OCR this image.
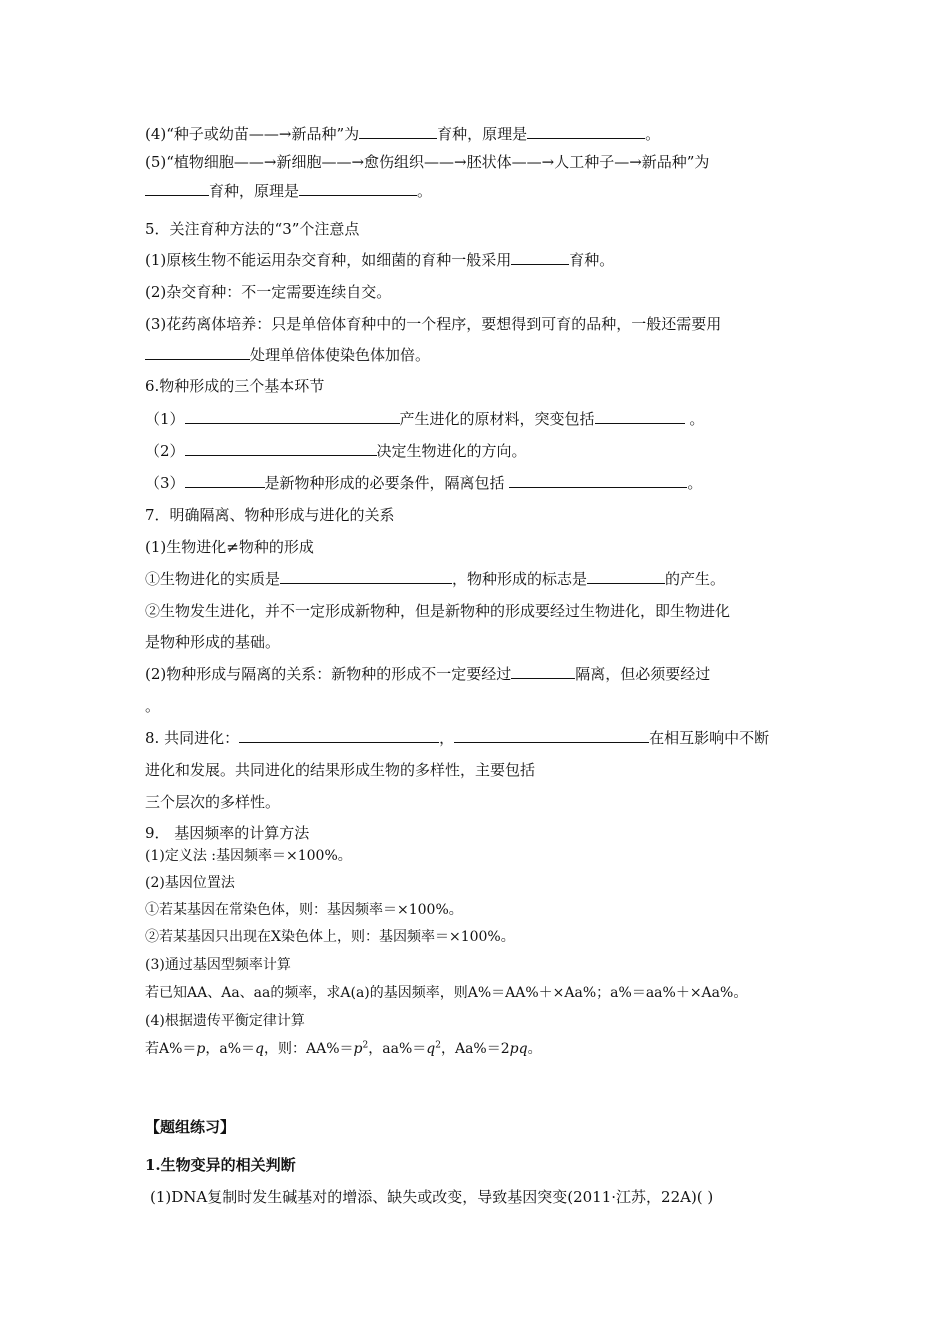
(4)“种子或幼苗——→新品种”为	育种，原理是	。
(5)“植物细胞——→新细胞——→愈伤组织——→胚状体——→人工种子—→新品种”为
育种，原理是	。
5．关注育种方法的“3”个注意点
(1)原核生物不能运用杂交育种，如细菌的育种一般采用	育种。
(2)杂交育种：不一定需要连续自交。
(3)花药离体培养：只是单倍体育种中的一个程序，要想得到可育的品种，一般还需要用
处理单倍体使染色体加倍。
6.物种形成的三个基本环节
（1）	产生进化的原材料，突变包括	。
（2）	决定生物进化的方向。
（3）	是新物种形成的必要条件，隔离包括	。
7．明确隔离、物种形成与进化的关系
(1)生物进化≠物种的形成
①生物进化的实质是	，物种形成的标志是	的产生。
②生物发生进化，并不一定形成新物种，但是新物种的形成要经过生物进化，即生物进化
是物种形成的基础。
(2)物种形成与隔离的关系：新物种的形成不一定要经过	隔离，但必须要经过
。
8. 共同进化：	，	在相互影响中不断
进化和发展。共同进化的结果形成生物的多样性，主要包括
三个层次的多样性。
9． 基因频率的计算方法
(1)定义法 :基因频率＝×100%。
(2)基因位置法
①若某基因在常染色体，则：基因频率＝×100%。
②若某基因只出现在X染色体上，则：基因频率＝×100%。
(3)通过基因型频率计算
若已知AA、Aa、aa的频率，求A(a)的基因频率，则A%＝AA%＋×Aa%；a%＝aa%＋×Aa%。
(4)根据遗传平衡定律计算
若A%＝p，a%＝q，则：$AA\%=p^2$，$aa\%=q^2$，Aa%＝2pq。
【题组练习】
1.生物变异的相关判断
(1)DNA复制时发生碱基对的增添、缺失或改变，导致基因突变(2011·江苏，22A)( )
